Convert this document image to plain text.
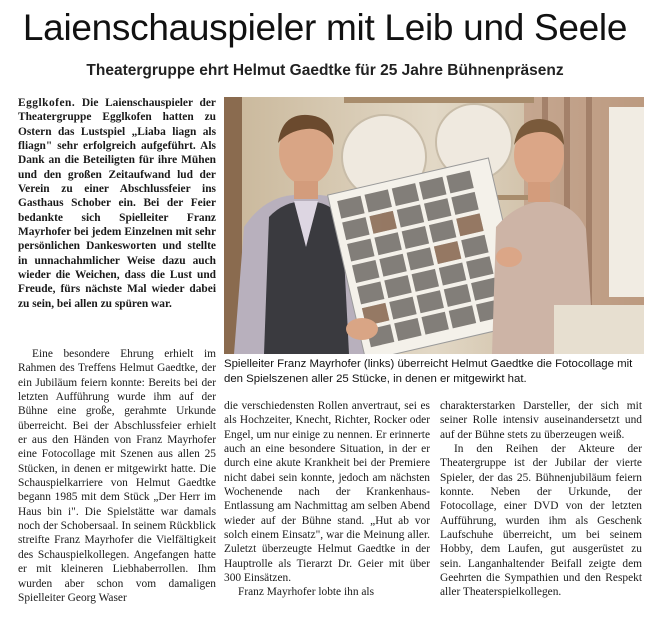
Laienschauspieler mit Leib und Seele
Theatergruppe ehrt Helmut Gaedtke für 25 Jahre Bühnenpräsenz

Egglkofen. Die Laienschauspieler der Theatergruppe Egglkofen hatten zu Ostern das Lustspiel „Liaba liagn als fliagn" sehr erfolgreich aufgeführt. Als Dank an die Beteiligten für ihre Mühen und den großen Zeitaufwand lud der Verein zu einer Abschlussfeier ins Gasthaus Schober ein. Bei der Feier bedankte sich Spielleiter Franz Mayrhofer bei jedem Einzelnen mit sehr persönlichen Dankesworten und stellte in unnachahmlicher Weise dazu auch wieder die Weichen, dass die Lust und Freude, fürs nächste Mal wieder dabei zu sein, bei allen zu spüren war.

Spielleiter Franz Mayrhofer (links) überreicht Helmut Gaedtke die Fotocollage mit den Spielszenen aller 25 Stücke, in denen er mitgewirkt hat.

Eine besondere Ehrung erhielt im Rahmen des Treffens Helmut Gaedtke, der ein Jubiläum feiern konnte: Bereits bei der letzten Aufführung wurde ihm auf der Bühne eine große, gerahmte Urkunde überreicht. Bei der Abschlussfeier erhielt er aus den Händen von Franz Mayrhofer eine Fotocollage mit Szenen aus allen 25 Stücken, in denen er mitgewirkt hatte. Die Schauspielkarriere von Helmut Gaedtke begann 1985 mit dem Stück „Der Herr im Haus bin i". Die Spielstätte war damals noch der Schobersaal. In seinem Rückblick streifte Franz Mayrhofer die Vielfältigkeit des Schauspielkollegen. Angefangen hatte er mit kleineren Liebhaberrollen. Ihm wurden aber schon vom damaligen Spielleiter Georg Waser

die verschiedensten Rollen anvertraut, sei es als Hochzeiter, Knecht, Richter, Rocker oder Engel, um nur einige zu nennen. Er erinnerte auch an eine besondere Situation, in der er durch eine akute Krankheit bei der Premiere nicht dabei sein konnte, jedoch am nächsten Wochenende nach der Krankenhaus-Entlassung am Nachmittag am selben Abend wieder auf der Bühne stand. „Hut ab vor solch einem Einsatz", war die Meinung aller. Zuletzt überzeugte Helmut Gaedtke in der Hauptrolle als Tierarzt Dr. Geier mit über 300 Einsätzen.
Franz Mayrhofer lobte ihn als

charakterstarken Darsteller, der sich mit seiner Rolle intensiv auseinandersetzt und auf der Bühne stets zu überzeugen weiß.
In den Reihen der Akteure der Theatergruppe ist der Jubilar der vierte Spieler, der das 25. Bühnenjubiläum feiern konnte. Neben der Urkunde, der Fotocollage, einer DVD von der letzten Aufführung, wurden ihm als Geschenk Laufschuhe überreicht, um bei seinem Hobby, dem Laufen, gut ausgerüstet zu sein. Langanhaltender Beifall zeigte dem Geehrten die Sympathien und den Respekt aller Theaterspielkollegen.
